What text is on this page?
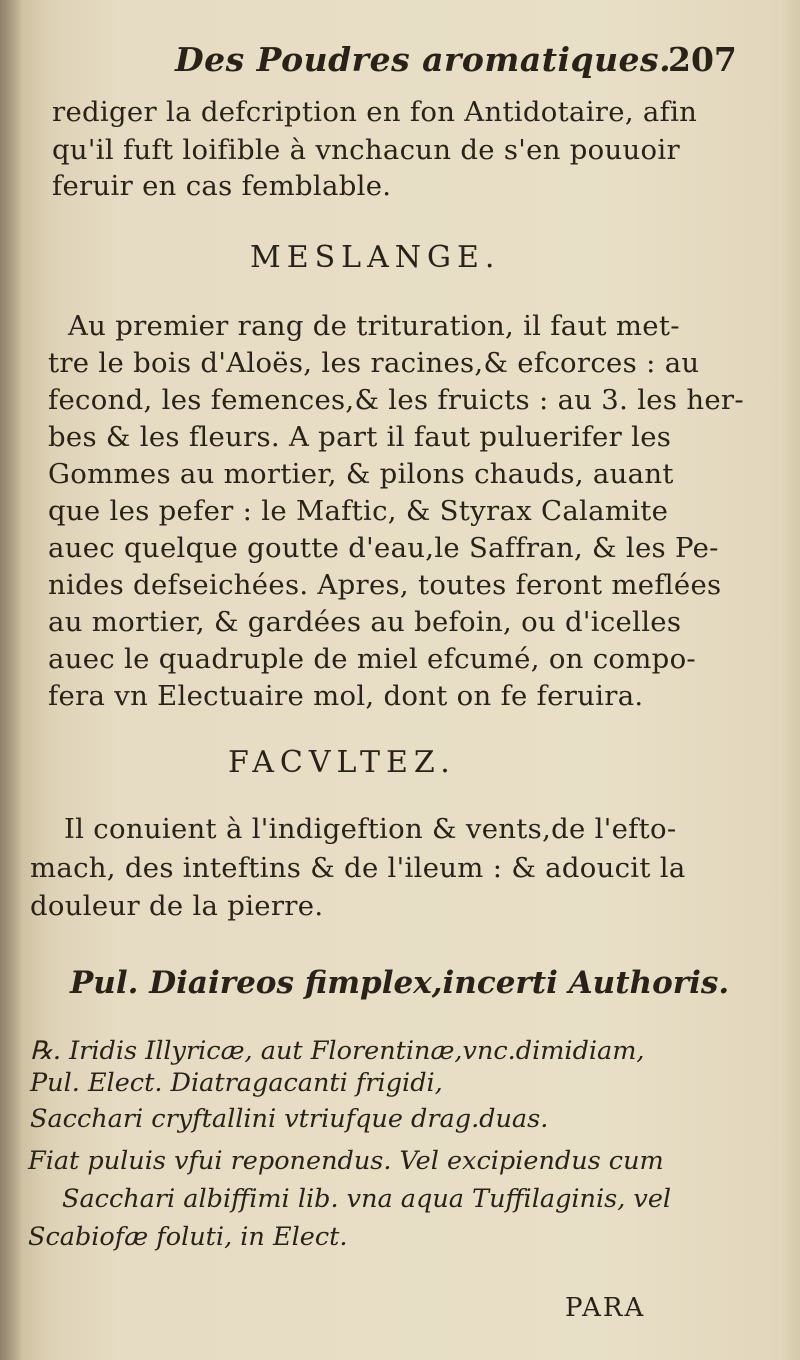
Des Poudres aromatiques.
207
rediger la defcription en fon Antidotaire, afin
qu'il fuft loifible à vnchacun de s'en pouuoir
feruir en cas femblable.
MESLANGE.
Au premier rang de trituration, il faut met-
tre le bois d'Aloës, les racines,& efcorces : au
fecond, les femences,& les fruicts : au 3. les her-
bes & les fleurs. A part il faut puluerifer les
Gommes au mortier, & pilons chauds, auant
que les pefer : le Maftic, & Styrax Calamite
auec quelque goutte d'eau,le Saffran, & les Pe-
nides defseichées. Apres, toutes feront meflées
au mortier, & gardées au befoin, ou d'icelles
auec le quadruple de miel efcumé, on compo-
fera vn Electuaire mol, dont on fe feruira.
FACVLTEZ.
Il conuient à l'indigeftion & vents,de l'efto-
mach, des inteftins & de l'ileum : & adoucit la
douleur de la pierre.
Pul. Diaireos fimplex,incerti Authoris.
℞. Iridis Illyricæ, aut Florentinæ,vnc.dimidiam,
Pul. Elect. Diatragacanti frigidi,
Sacchari cryftallini vtriufque drag.duas.
Fiat puluis vfui reponendus. Vel excipiendus cum
Sacchari albiffimi lib. vna aqua Tuffilaginis, vel
Scabiofæ foluti, in Elect.
PARA
